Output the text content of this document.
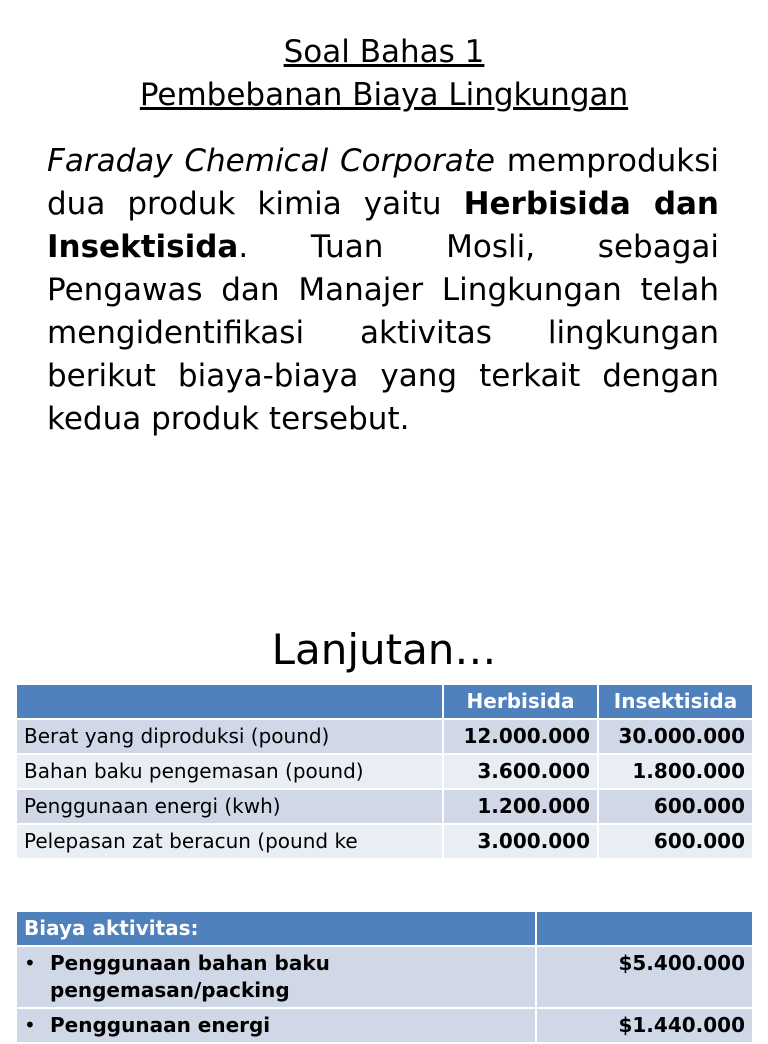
Soal Bahas 1
Pembebanan Biaya Lingkungan

Faraday Chemical Corporate memproduksi dua produk kimia yaitu Herbisida dan Insektisida. Tuan Mosli, sebagai Pengawas dan Manajer Lingkungan telah mengidentifikasi aktivitas lingkungan berikut biaya-biaya yang terkait dengan kedua produk tersebut.

Lanjutan…
	Herbisida	Insektisida
Berat yang diproduksi (pound)	12.000.000	30.000.000
Bahan baku pengemasan (pound)	3.600.000	1.800.000
Penggunaan energi (kwh)	1.200.000	600.000
Pelepasan zat beracun (pound ke	3.000.000	600.000
Biaya aktivitas:	
• Penggunaan bahan baku pengemasan/packing	$5.400.000
• Penggunaan energi	$1.440.000
